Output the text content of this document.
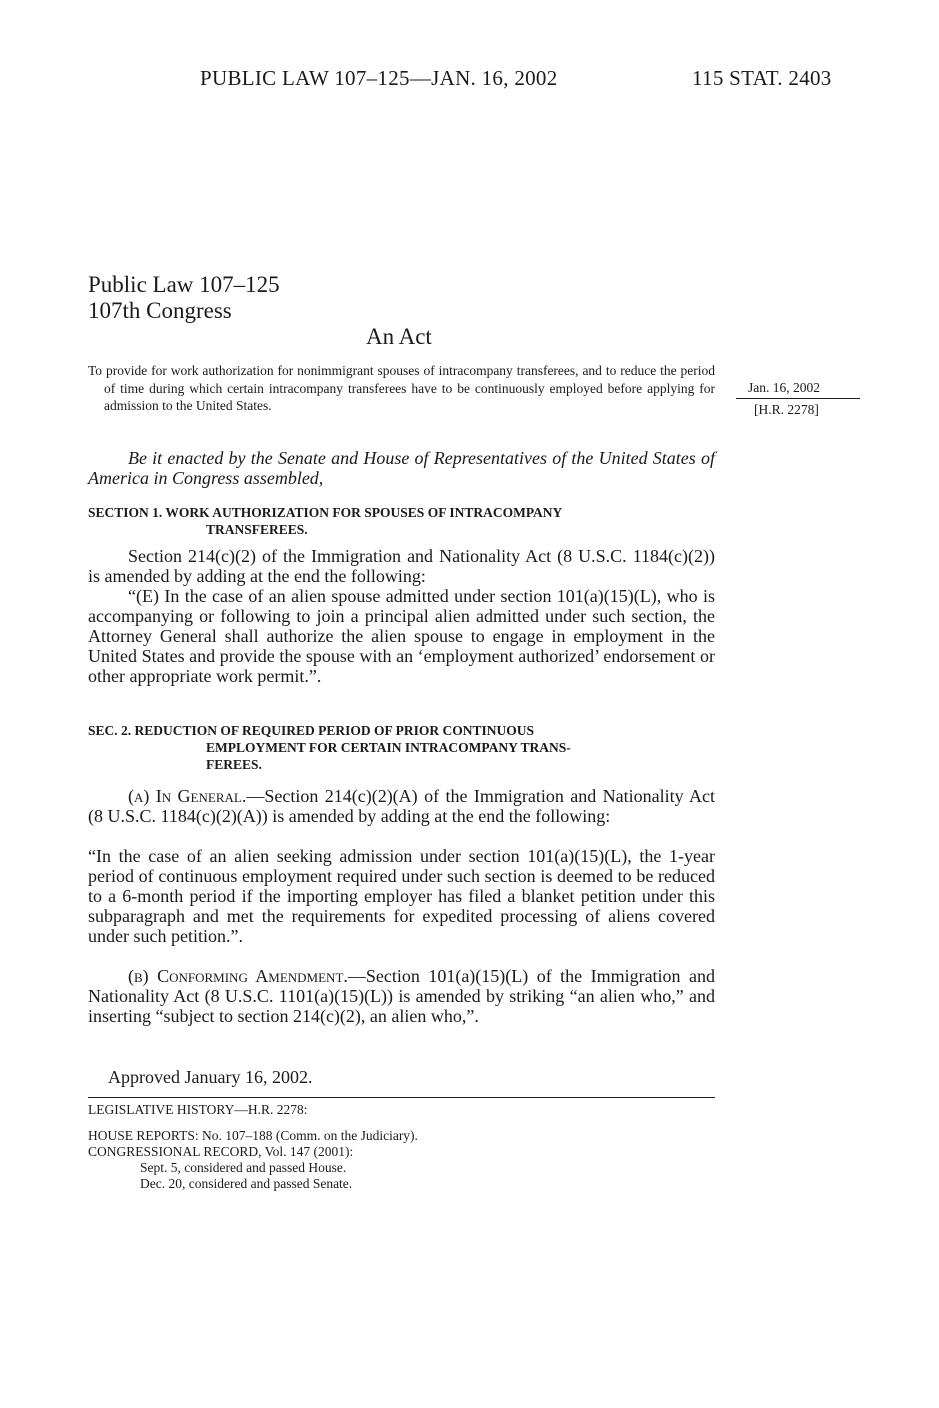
PUBLIC LAW 107–125—JAN. 16, 2002	115 STAT. 2403
Public Law 107–125
107th Congress
An Act
To provide for work authorization for nonimmigrant spouses of intracompany transferees, and to reduce the period of time during which certain intracompany transferees have to be continuously employed before applying for admission to the United States.
Jan. 16, 2002
[H.R. 2278]
Be it enacted by the Senate and House of Representatives of the United States of America in Congress assembled,
SECTION 1. WORK AUTHORIZATION FOR SPOUSES OF INTRACOMPANY
TRANSFEREES.
Section 214(c)(2) of the Immigration and Nationality Act (8 U.S.C. 1184(c)(2)) is amended by adding at the end the following:
“(E) In the case of an alien spouse admitted under section 101(a)(15)(L), who is accompanying or following to join a principal alien admitted under such section, the Attorney General shall authorize the alien spouse to engage in employment in the United States and provide the spouse with an ‘employment authorized’ endorsement or other appropriate work permit.”.
SEC. 2. REDUCTION OF REQUIRED PERIOD OF PRIOR CONTINUOUS
EMPLOYMENT FOR CERTAIN INTRACOMPANY TRANS-
FEREES.
(a) In General.—Section 214(c)(2)(A) of the Immigration and Nationality Act (8 U.S.C. 1184(c)(2)(A)) is amended by adding at the end the following:
“In the case of an alien seeking admission under section 101(a)(15)(L), the 1-year period of continuous employment required under such section is deemed to be reduced to a 6-month period if the importing employer has filed a blanket petition under this subparagraph and met the requirements for expedited processing of aliens covered under such petition.”.
(b) Conforming Amendment.—Section 101(a)(15)(L) of the Immigration and Nationality Act (8 U.S.C. 1101(a)(15)(L)) is amended by striking “an alien who,” and inserting “subject to section 214(c)(2), an alien who,”.
Approved January 16, 2002.
LEGISLATIVE HISTORY—H.R. 2278:
HOUSE REPORTS: No. 107–188 (Comm. on the Judiciary).
CONGRESSIONAL RECORD, Vol. 147 (2001):
Sept. 5, considered and passed House.
Dec. 20, considered and passed Senate.
